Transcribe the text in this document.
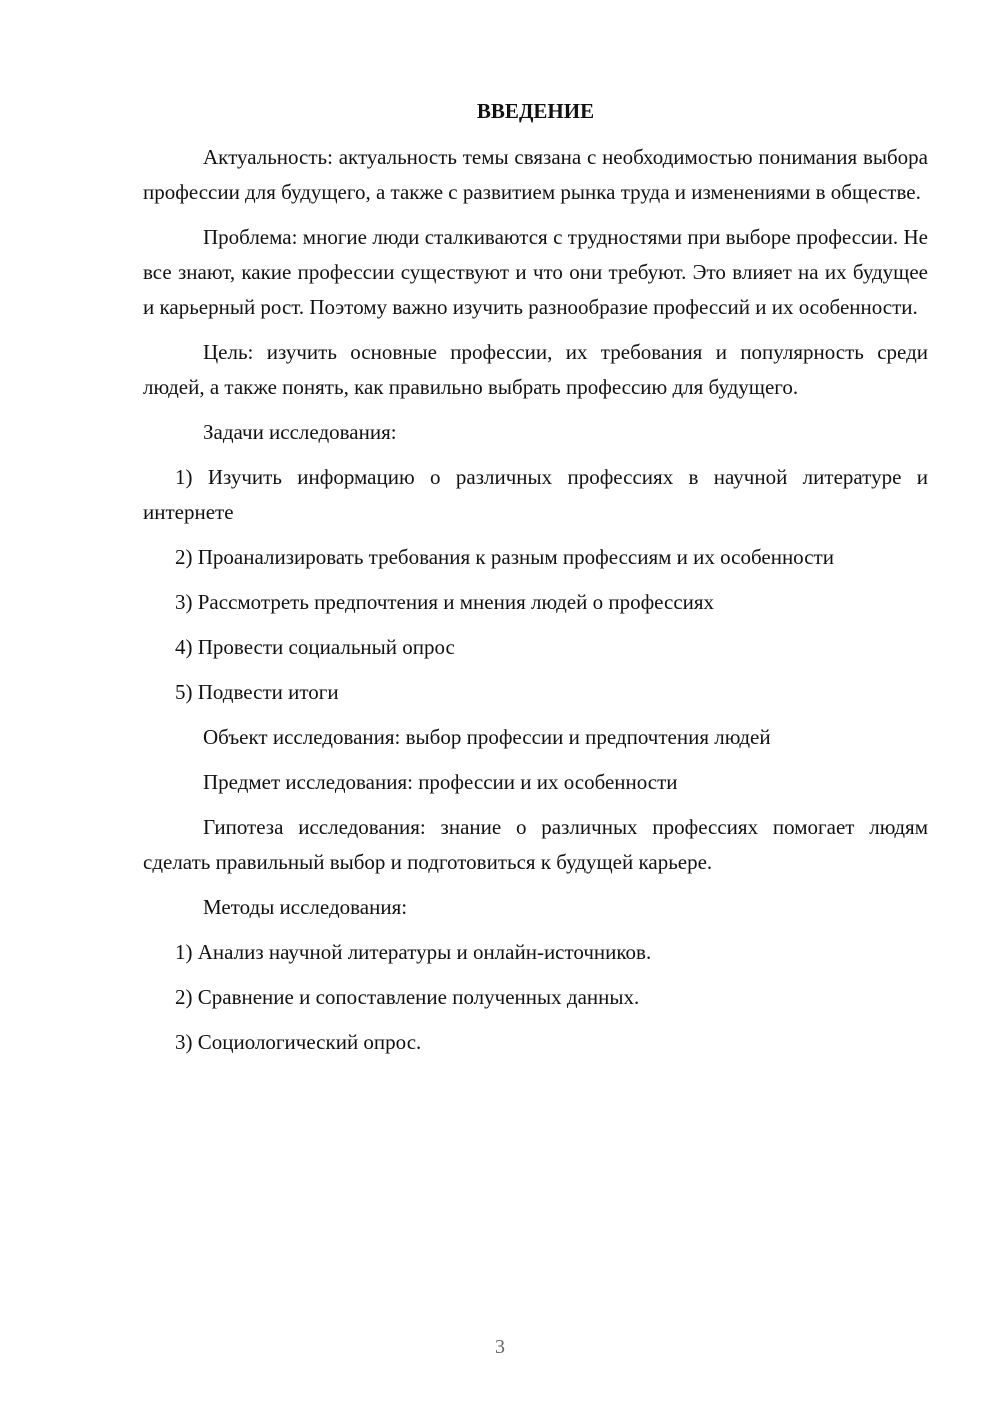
ВВЕДЕНИЕ

Актуальность: актуальность темы связана с необходимостью понимания выбора профессии для будущего, а также с развитием рынка труда и изменениями в обществе.

Проблема: многие люди сталкиваются с трудностями при выборе профессии. Не все знают, какие профессии существуют и что они требуют. Это влияет на их будущее и карьерный рост. Поэтому важно изучить разнообразие профессий и их особенности.

Цель: изучить основные профессии, их требования и популярность среди людей, а также понять, как правильно выбрать профессию для будущего.

Задачи исследования:

1) Изучить информацию о различных профессиях в научной литературе и интернете

2) Проанализировать требования к разным профессиям и их особенности

3) Рассмотреть предпочтения и мнения людей о профессиях

4) Провести социальный опрос

5) Подвести итоги

Объект исследования: выбор профессии и предпочтения людей

Предмет исследования: профессии и их особенности

Гипотеза исследования: знание о различных профессиях помогает людям сделать правильный выбор и подготовиться к будущей карьере.

Методы исследования:

1) Анализ научной литературы и онлайн-источников.

2) Сравнение и сопоставление полученных данных.

3) Социологический опрос.

3
